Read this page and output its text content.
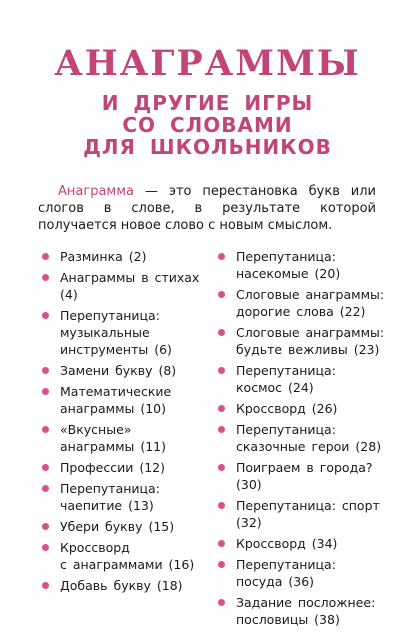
АНАГРАММЫ
И ДРУГИЕ ИГРЫ
СО СЛОВАМИ
ДЛЯ ШКОЛЬНИКОВ

Анаграмма — это перестановка букв или слогов в слове, в результате которой получается новое слово с новым смыслом.

Разминка (2)
Анаграммы в стихах (4)
Перепутаница:
музыкальные инструменты (6)
Замени букву (8)
Математические
анаграммы (10)
«Вкусные»
анаграммы (11)
Профессии (12)
Перепутаница:
чаепитие (13)
Убери букву (15)
Кроссворд
с анаграммами (16)
Добавь букву (18)
Перепутаница:
насекомые (20)
Слоговые анаграммы:
дорогие слова (22)
Слоговые анаграммы:
будьте вежливы (23)
Перепутаница:
космос (24)
Кроссворд (26)
Перепутаница:
сказочные герои (28)
Поиграем в города? (30)
Перепутаница: спорт (32)
Кроссворд (34)
Перепутаница:
посуда (36)
Задание посложнее:
пословицы (38)
